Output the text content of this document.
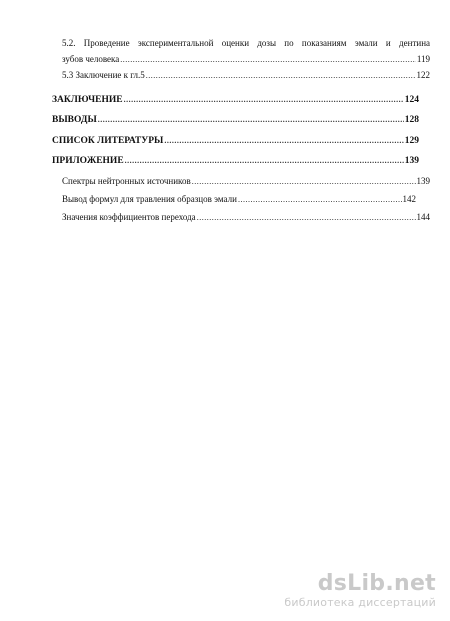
5.2. Проведение экспериментальной оценки дозы по показаниям эмали и дентина
зубов человека .....	119
5.3 Заключение к гл.5 .....	122
ЗАКЛЮЧЕНИЕ .....	124
ВЫВОДЫ .....	128
СПИСОК ЛИТЕРАТУРЫ .....	129
ПРИЛОЖЕНИЕ .....	139
Спектры нейтронных источников .....	139
Вывод формул для травления образцов эмали .....	142
Значения коэффициентов перехода .....	144
dsLib.net
библиотека диссертаций
